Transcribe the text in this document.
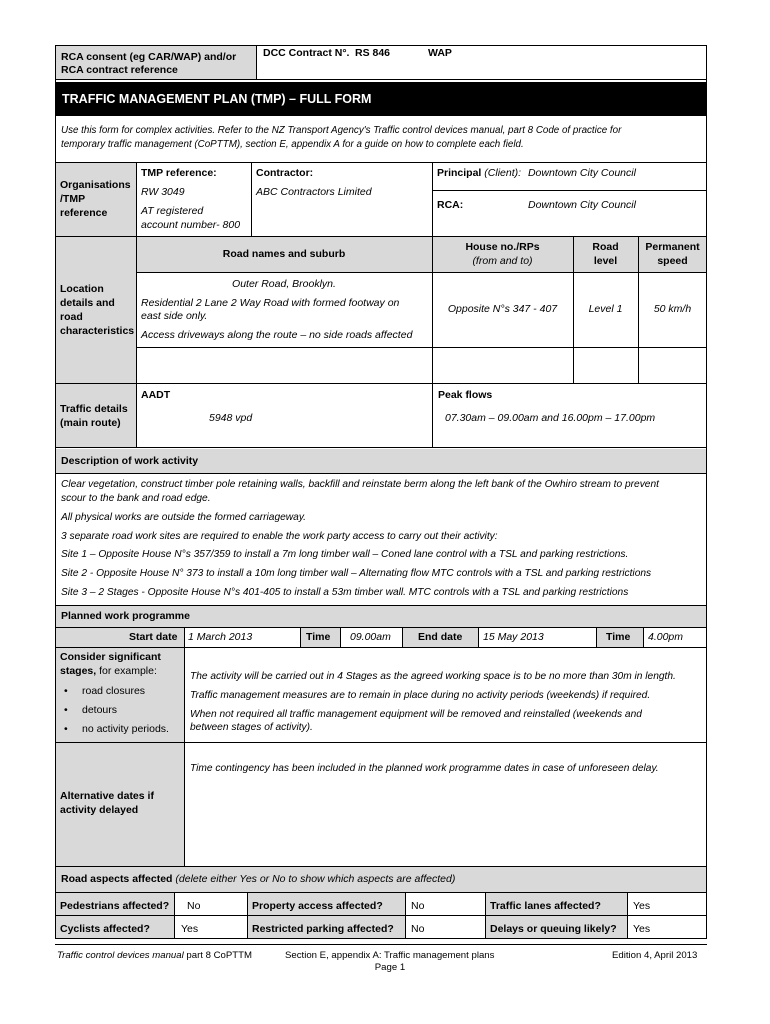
RCA consent (eg CAR/WAP) and/or
RCA contract reference
DCC Contract N°. RS 846	WAP
TRAFFIC MANAGEMENT PLAN (TMP) – FULL FORM
Use this form for complex activities. Refer to the NZ Transport Agency's Traffic control devices manual, part 8 Code of practice for
temporary traffic management (CoPTTM), section E, appendix A for a guide on how to complete each field.
Organisations
/TMP
reference
TMP reference:
RW 3049
AT registered
account number- 800
Contractor:
ABC Contractors Limited
Principal (Client): Downtown City Council
RCA:	Downtown City Council
Location
details and
road
characteristics
Road names and suburb
House no./RPs
(from and to)
Road
level
Permanent
speed
Outer Road, Brooklyn.
Residential 2 Lane 2 Way Road with formed footway on
east side only.
Access driveways along the route – no side roads affected
Opposite N°s 347 - 407	Level 1	50 km/h
Traffic details
(main route)
AADT
5948 vpd
Peak flows
07.30am – 09.00am and 16.00pm – 17.00pm
Description of work activity
Clear vegetation, construct timber pole retaining walls, backfill and reinstate berm along the left bank of the Owhiro stream to prevent
scour to the bank and road edge.
All physical works are outside the formed carriageway.
3 separate road work sites are required to enable the work party access to carry out their activity:
Site 1 – Opposite House N°s 357/359 to install a 7m long timber wall – Coned lane control with a TSL and parking restrictions.
Site 2 - Opposite House N° 373 to install a 10m long timber wall – Alternating flow MTC controls with a TSL and parking restrictions
Site 3 – 2 Stages - Opposite House N°s 401-405 to install a 53m timber wall. MTC controls with a TSL and parking restrictions
Planned work programme
Start date 1 March 2013	Time 09.00am	End date 15 May 2013	Time 4.00pm
Consider significant
stages, for example:
• road closures
• detours
• no activity periods.
The activity will be carried out in 4 Stages as the agreed working space is to be no more than 30m in length.
Traffic management measures are to remain in place during no activity periods (weekends) if required.
When not required all traffic management equipment will be removed and reinstalled (weekends and
between stages of activity).
Alternative dates if
activity delayed
Time contingency has been included in the planned work programme dates in case of unforeseen delay.
Road aspects affected (delete either Yes or No to show which aspects are affected)
Pedestrians affected? No	Property access affected?	No	Traffic lanes affected?	Yes
Cyclists affected?	Yes	Restricted parking affected? No	Delays or queuing likely? Yes
Traffic control devices manual part 8 CoPTTM	Section E, appendix A: Traffic management plans	Edition 4, April 2013
Page 1
